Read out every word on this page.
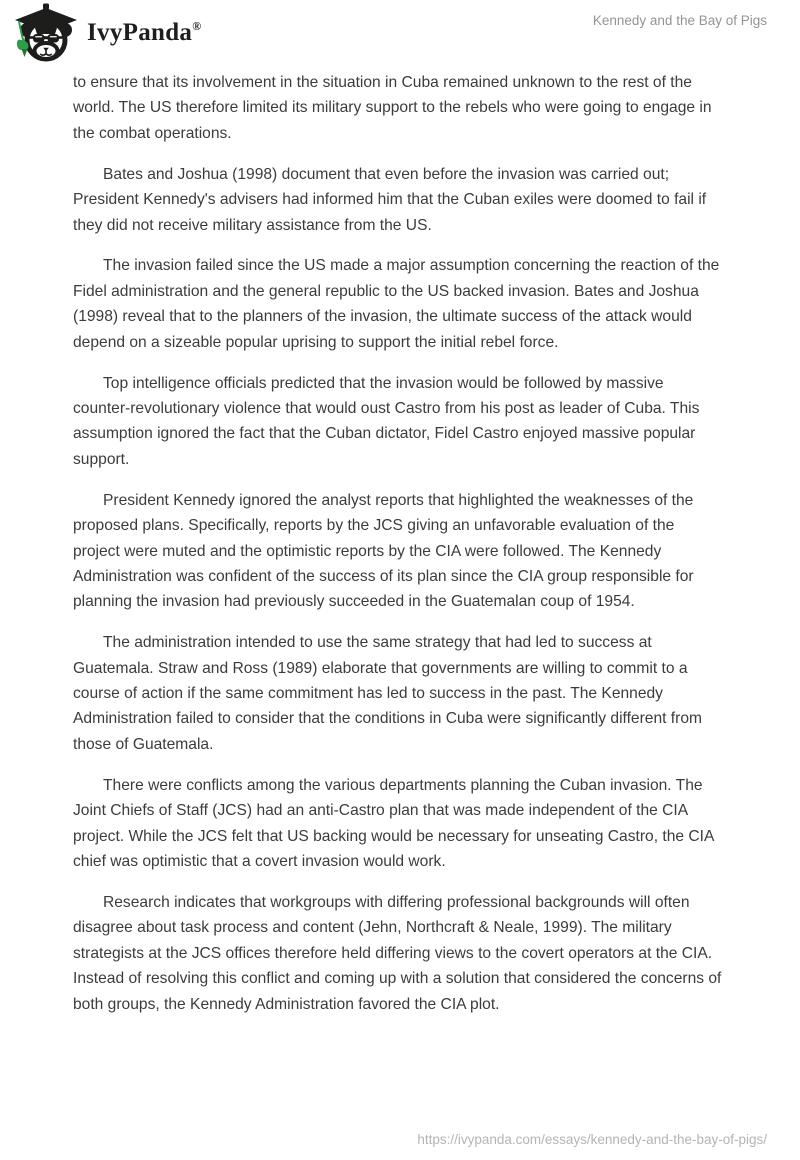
IvyPanda®	Kennedy and the Bay of Pigs

to ensure that its involvement in the situation in Cuba remained unknown to the rest of the world. The US therefore limited its military support to the rebels who were going to engage in the combat operations.

Bates and Joshua (1998) document that even before the invasion was carried out; President Kennedy's advisers had informed him that the Cuban exiles were doomed to fail if they did not receive military assistance from the US.

The invasion failed since the US made a major assumption concerning the reaction of the Fidel administration and the general republic to the US backed invasion. Bates and Joshua (1998) reveal that to the planners of the invasion, the ultimate success of the attack would depend on a sizeable popular uprising to support the initial rebel force.

Top intelligence officials predicted that the invasion would be followed by massive counter-revolutionary violence that would oust Castro from his post as leader of Cuba. This assumption ignored the fact that the Cuban dictator, Fidel Castro enjoyed massive popular support.

President Kennedy ignored the analyst reports that highlighted the weaknesses of the proposed plans. Specifically, reports by the JCS giving an unfavorable evaluation of the project were muted and the optimistic reports by the CIA were followed. The Kennedy Administration was confident of the success of its plan since the CIA group responsible for planning the invasion had previously succeeded in the Guatemalan coup of 1954.

The administration intended to use the same strategy that had led to success at Guatemala. Straw and Ross (1989) elaborate that governments are willing to commit to a course of action if the same commitment has led to success in the past. The Kennedy Administration failed to consider that the conditions in Cuba were significantly different from those of Guatemala.

There were conflicts among the various departments planning the Cuban invasion. The Joint Chiefs of Staff (JCS) had an anti-Castro plan that was made independent of the CIA project. While the JCS felt that US backing would be necessary for unseating Castro, the CIA chief was optimistic that a covert invasion would work.

Research indicates that workgroups with differing professional backgrounds will often disagree about task process and content (Jehn, Northcraft & Neale, 1999). The military strategists at the JCS offices therefore held differing views to the covert operators at the CIA. Instead of resolving this conflict and coming up with a solution that considered the concerns of both groups, the Kennedy Administration favored the CIA plot.

https://ivypanda.com/essays/kennedy-and-the-bay-of-pigs/
